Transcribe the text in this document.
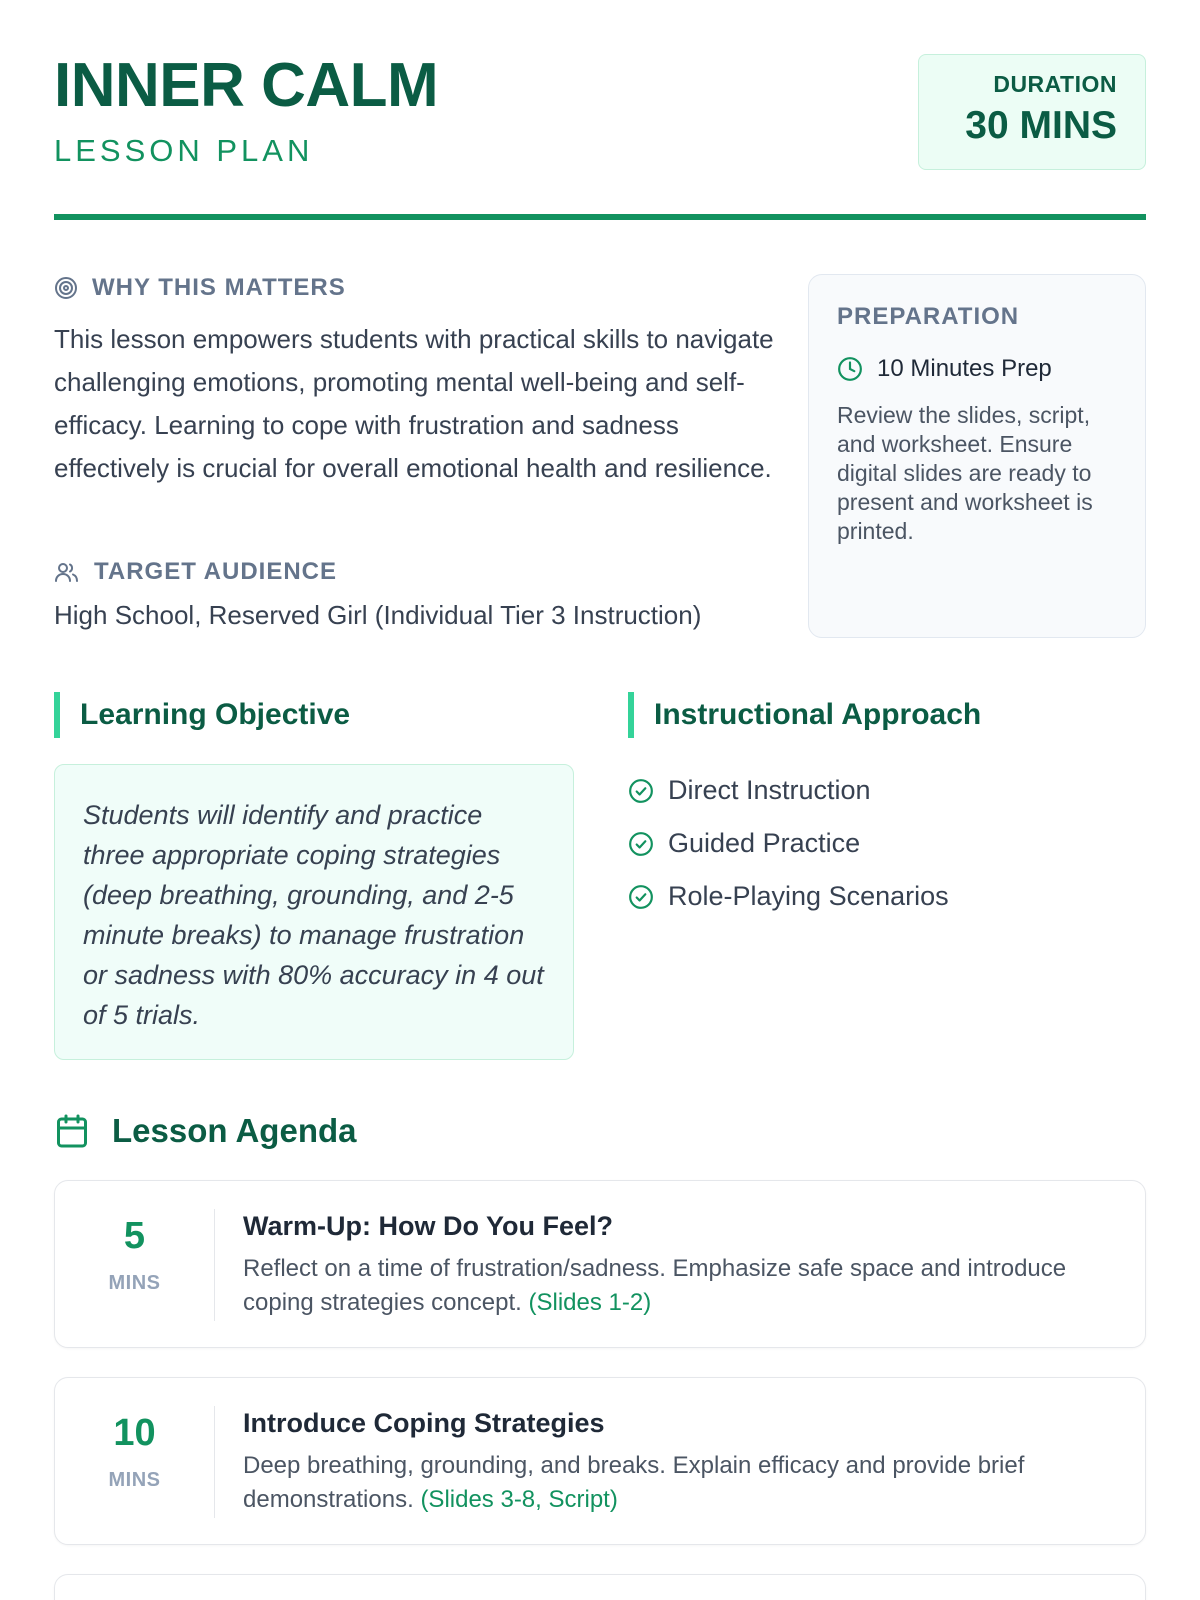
INNER CALM
LESSON PLAN
DURATION
30 MINS
WHY THIS MATTERS

This lesson empowers students with practical skills to navigate challenging emotions, promoting mental well-being and self-efficacy. Learning to cope with frustration and sadness effectively is crucial for overall emotional health and resilience.

TARGET AUDIENCE

High School, Reserved Girl (Individual Tier 3 Instruction)

PREPARATION
10 Minutes Prep

Review the slides, script, and worksheet. Ensure digital slides are ready to present and worksheet is printed.

Learning Objective
Students will identify and practice three appropriate coping strategies (deep breathing, grounding, and 2-5 minute breaks) to manage frustration or sadness with 80% accuracy in 4 out of 5 trials.
Instructional Approach
Direct Instruction
Guided Practice
Role-Playing Scenarios
Lesson Agenda
5
MINS
Warm-Up: How Do You Feel?
Reflect on a time of frustration/sadness. Emphasize safe space and introduce coping strategies concept. (Slides 1-2)
10
MINS
Introduce Coping Strategies
Deep breathing, grounding, and breaks. Explain efficacy and provide brief demonstrations. (Slides 3-8, Script)
